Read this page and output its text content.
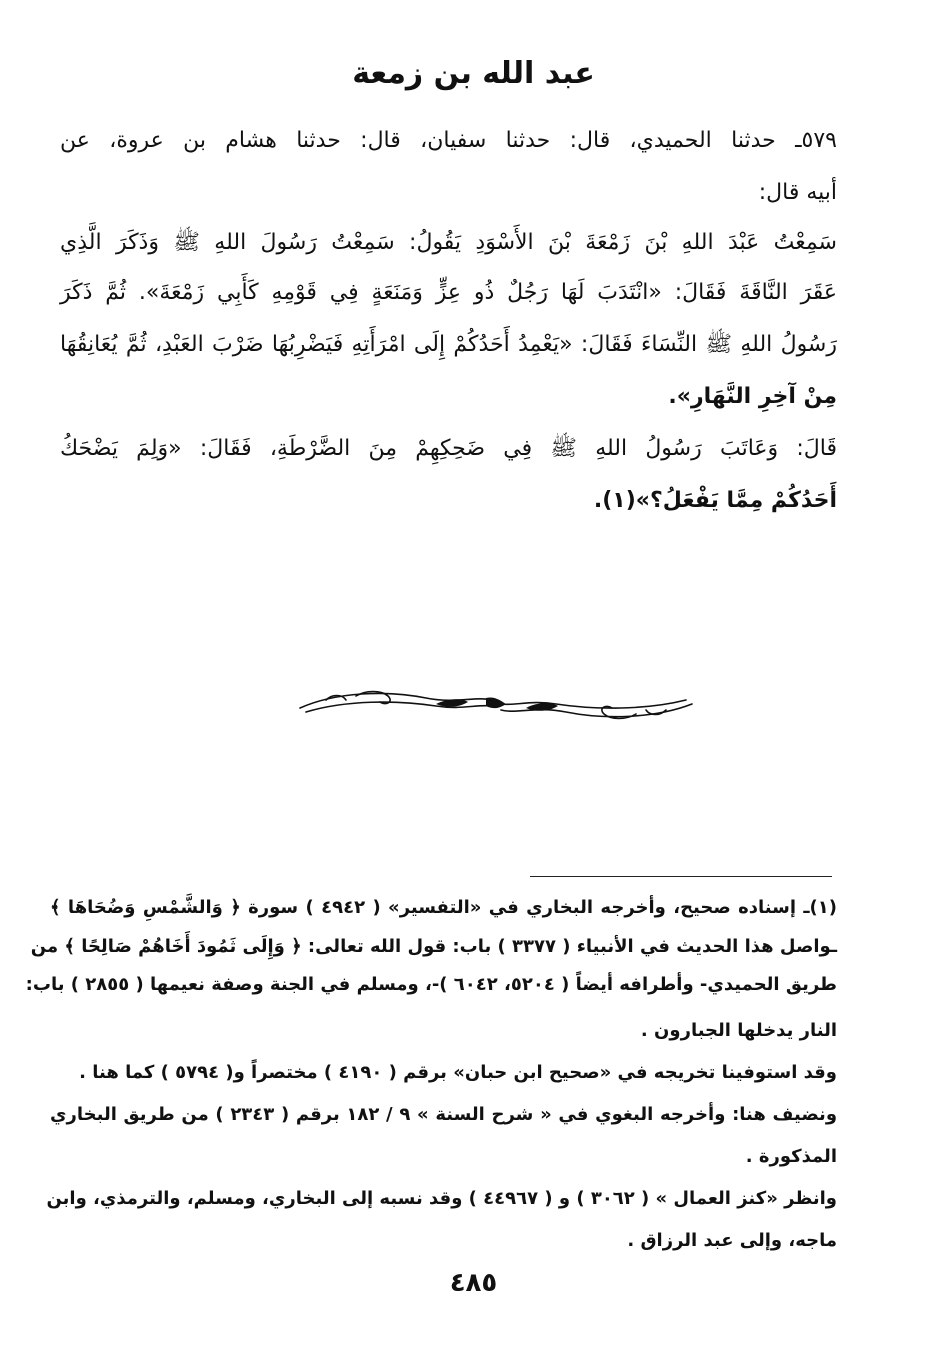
عبد الله بن زمعة
٥٧٩ـ حدثنا الحميدي، قال: حدثنا سفيان، قال: حدثنا هشام بن عروة، عن
أبيه قال:
سَمِعْتُ عَبْدَ اللهِ بْنَ زَمْعَةَ بْنَ الأَسْوَدِ يَقُولُ: سَمِعْتُ رَسُولَ اللهِ ﷺ وَذَكَرَ الَّذِي
عَقَرَ النَّاقَةَ فَقَالَ: «انْتَدَبَ لَهَا رَجُلٌ ذُو عِزٍّ وَمَنَعَةٍ فِي قَوْمِهِ كَأَبِي زَمْعَةَ». ثُمَّ ذَكَرَ
رَسُولُ اللهِ ﷺ النِّسَاءَ فَقَالَ: «يَعْمِدُ أَحَدُكُمْ إِلَى امْرَأَتِهِ فَيَضْرِبُهَا ضَرْبَ العَبْدِ، ثُمَّ يُعَانِقُهَا
مِنْ آخِرِ النَّهَارِ».
قَالَ: وَعَاتَبَ رَسُولُ اللهِ ﷺ فِي ضَحِكِهِمْ مِنَ الضَّرْطَةِ، فَقَالَ: «وَلِمَ يَضْحَكُ
أَحَدُكُمْ مِمَّا يَفْعَلُ؟»(١).
(١)ـ إسناده صحيح، وأخرجه البخاري في «التفسير» ( ٤٩٤٢ ) سورة ﴿ وَالشَّمْسِ وَضُحَاهَا ﴾
ـواصل هذا الحديث في الأنبياء ( ٣٣٧٧ ) باب: قول الله تعالى: ﴿ وَإِلَى ثَمُودَ أَخَاهُمْ صَالِحًا ﴾ من
طريق الحميدي- وأطرافه أيضاً ( ٥٢٠٤، ٦٠٤٢ )-، ومسلم في الجنة وصفة نعيمها ( ٢٨٥٥ ) باب:
النار يدخلها الجبارون .
وقد استوفينا تخريجه في «صحيح ابن حبان» برقم ( ٤١٩٠ ) مختصراً و( ٥٧٩٤ ) كما هنا .
ونضيف هنا: وأخرجه البغوي في « شرح السنة » ٩ / ١٨٢ برقم ( ٢٣٤٣ ) من طريق البخاري
المذكورة .
وانظر «كنز العمال » ( ٣٠٦٢ ) و ( ٤٤٩٦٧ ) وقد نسبه إلى البخاري، ومسلم، والترمذي، وابن
ماجه، وإلى عبد الرزاق .
٤٨٥
